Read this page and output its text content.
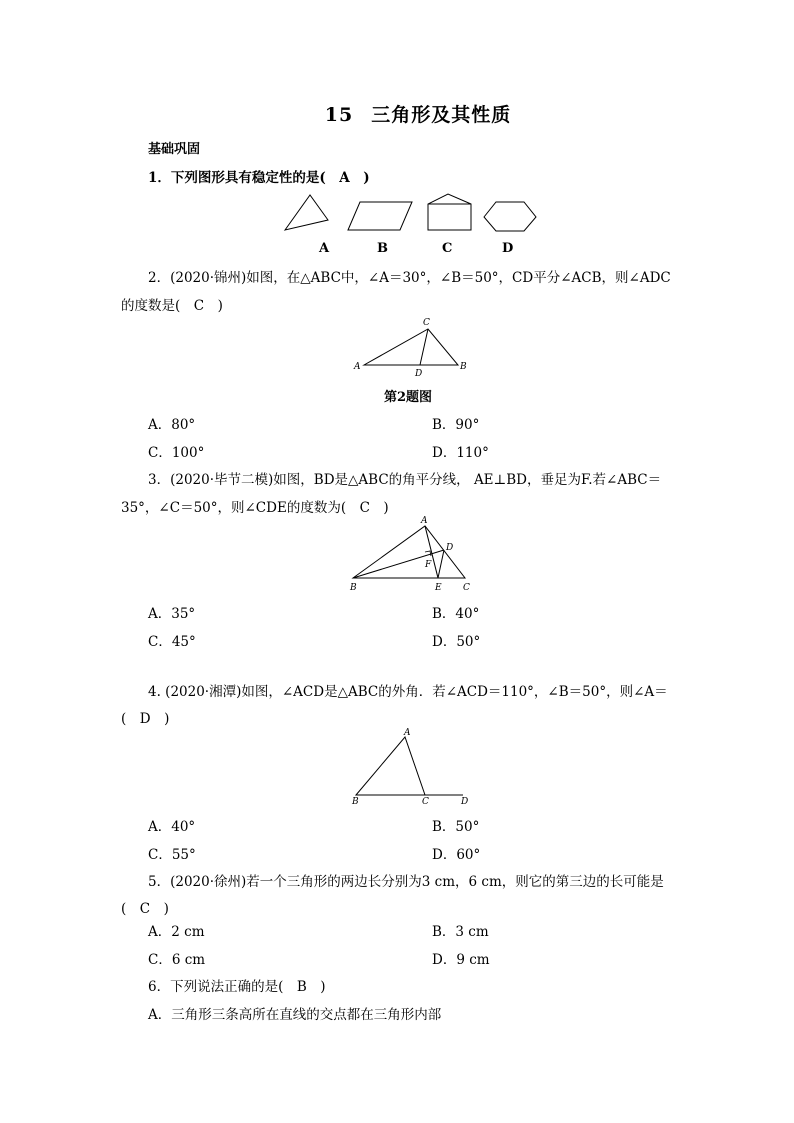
15 三角形及其性质
基础巩固
1．下列图形具有稳定性的是(　A　)
A	B	C	D
2．(2020·锦州)如图，在△ABC中，∠A＝30°，∠B＝50°，CD平分∠ACB，则∠ADC
的度数是(　C　)
A
C
B
D
第2题图
A．80°	B．90°
C．100°	D．110°
3．(2020·毕节二模)如图，BD是△ABC的角平分线， AE⊥BD，垂足为F.若∠ABC＝
35°，∠C＝50°，则∠CDE的度数为(　C　)
A
B	C
D
E
F
A．35°	B．40°
C．45°	D．50°
4. (2020·湘潭)如图，∠ACD是△ABC的外角．若∠ACD＝110°，∠B＝50°，则∠A＝
(　D　)
A
B	C	D
A．40°	B．50°
C．55°	D．60°
5．(2020·徐州)若一个三角形的两边长分别为3 cm，6 cm，则它的第三边的长可能是
(　C　)
A．2 cm	B．3 cm
C．6 cm	D．9 cm
6．下列说法正确的是(　B　)
A．三角形三条高所在直线的交点都在三角形内部
